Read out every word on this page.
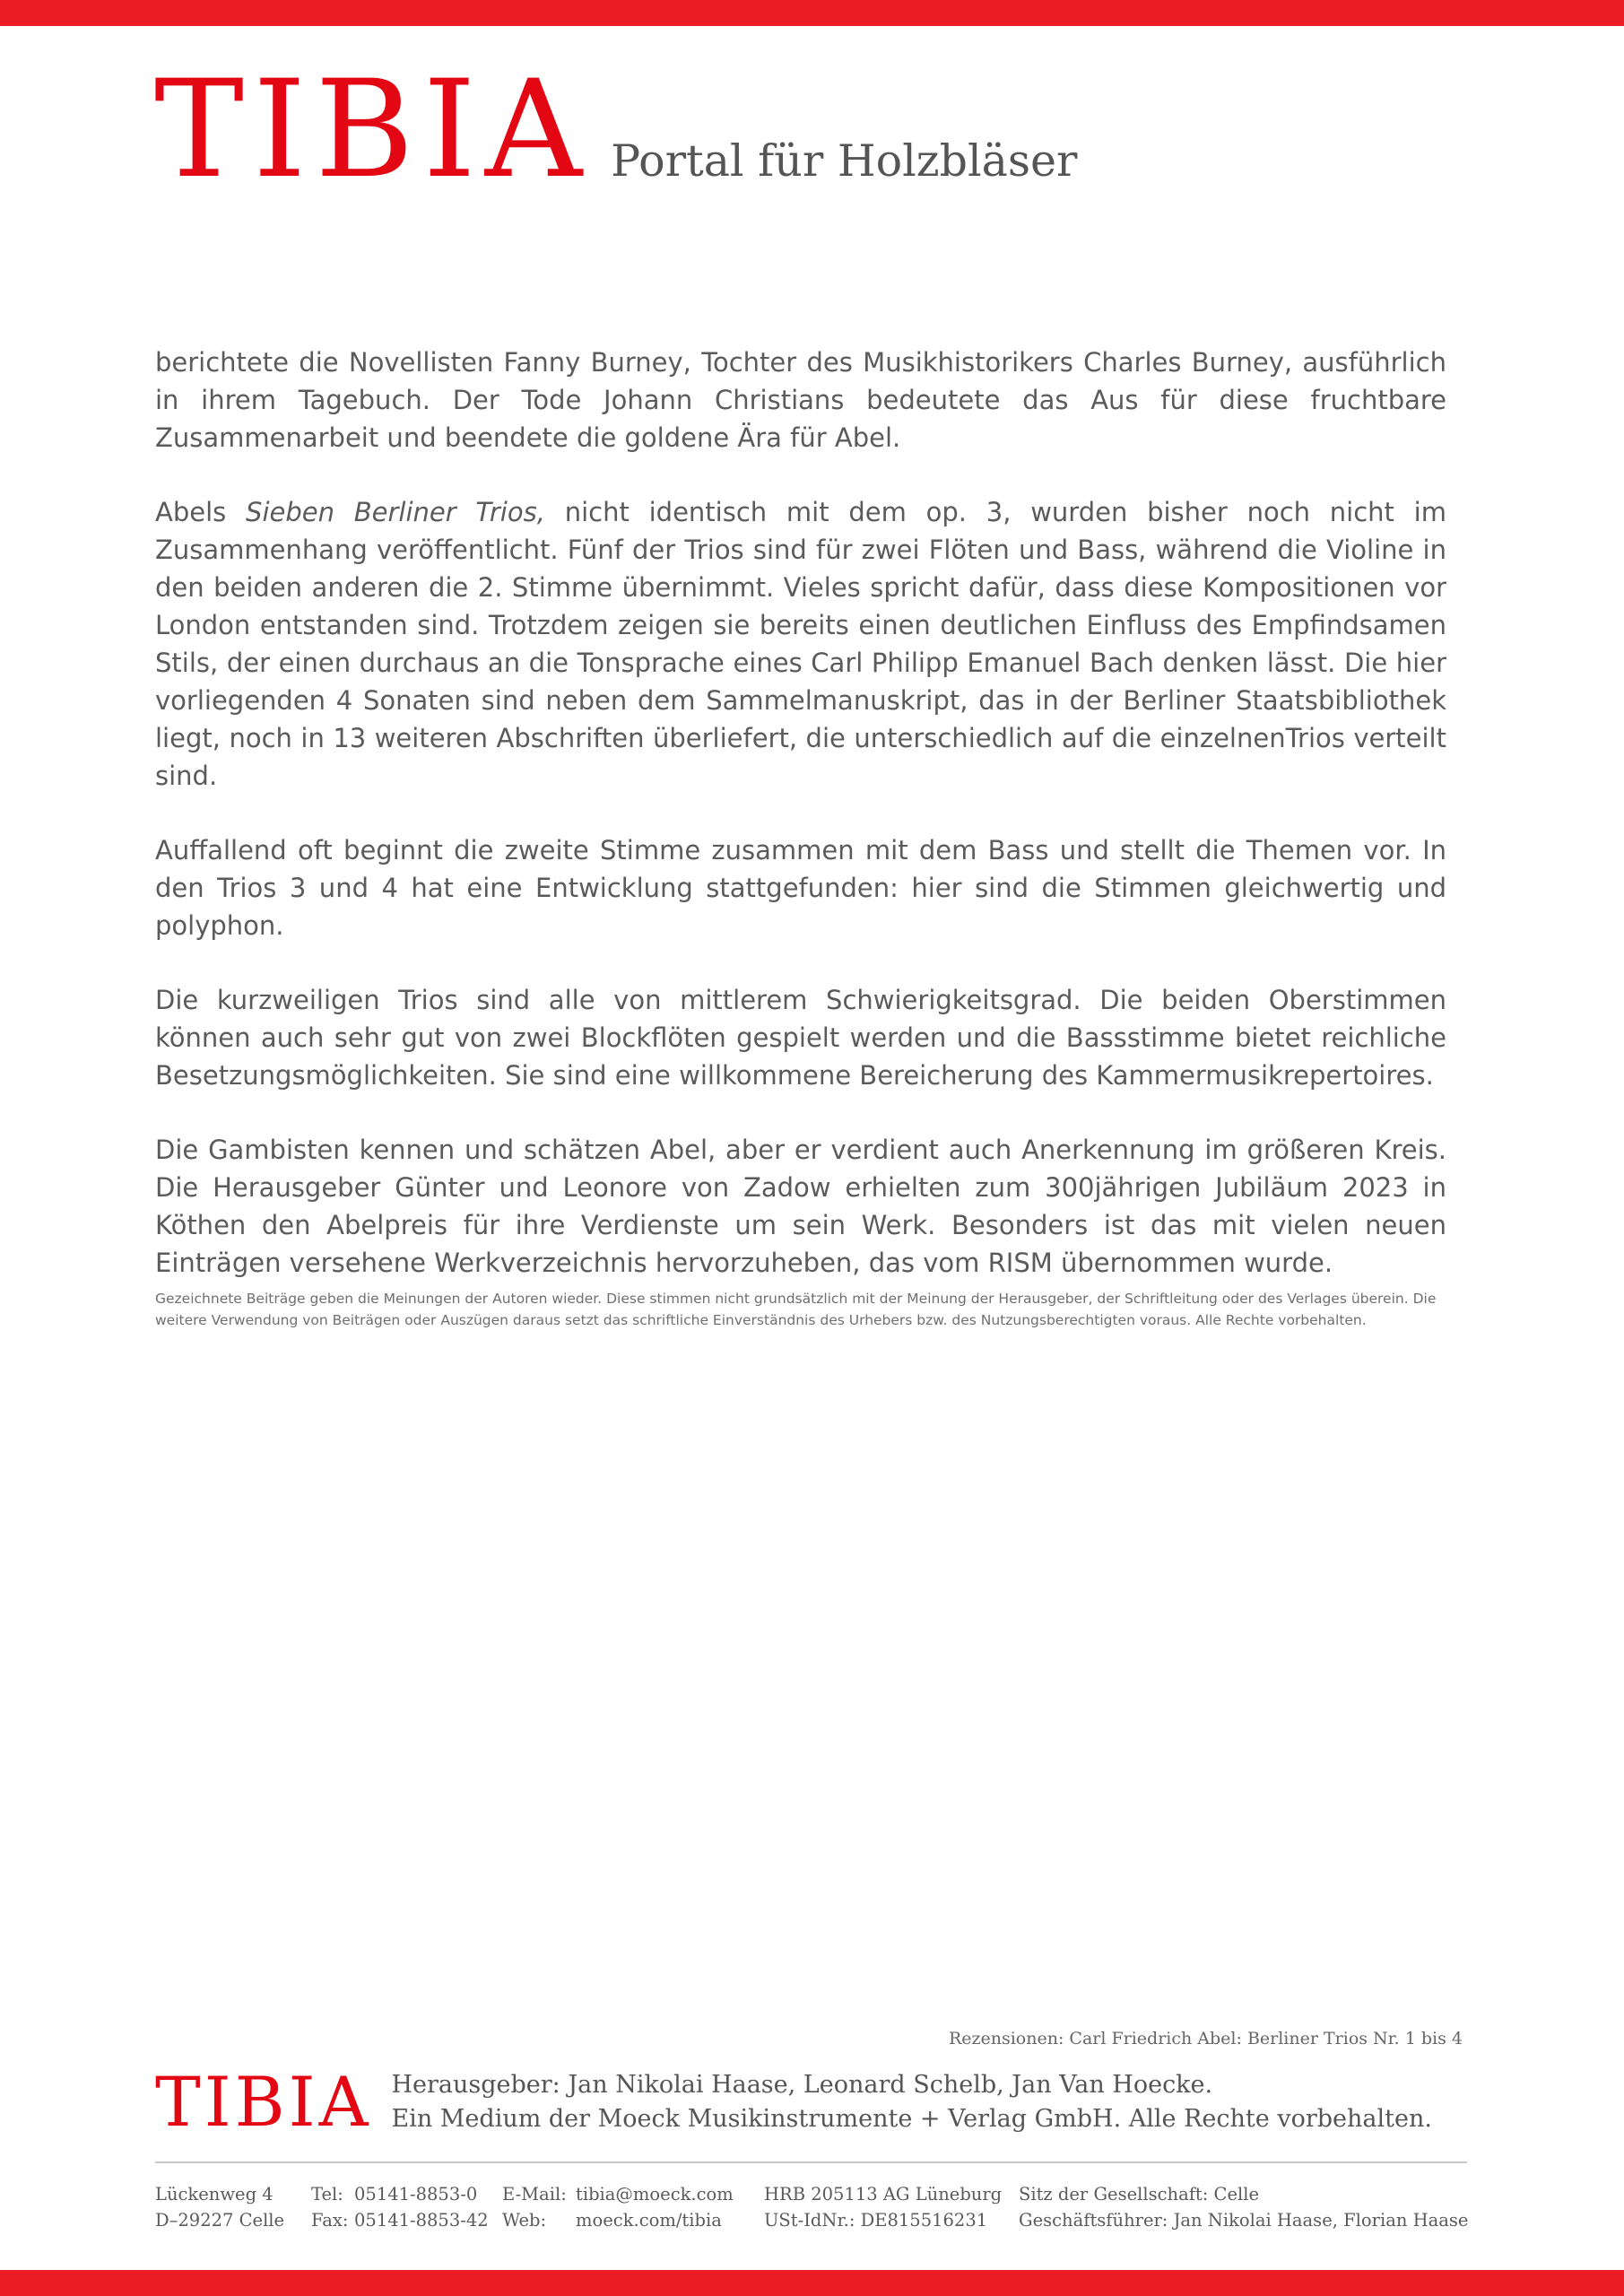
TIBIA Portal für Holzbläser

berichtete die Novellisten Fanny Burney, Tochter des Musikhistorikers Charles Burney, ausführlich in ihrem Tagebuch. Der Tode Johann Christians bedeutete das Aus für diese fruchtbare Zusammenarbeit und beendete die goldene Ära für Abel.

Abels Sieben Berliner Trios, nicht identisch mit dem op. 3, wurden bisher noch nicht im Zusammenhang veröffentlicht. Fünf der Trios sind für zwei Flöten und Bass, während die Violine in den beiden anderen die 2. Stimme übernimmt. Vieles spricht dafür, dass diese Kompositionen vor London entstanden sind. Trotzdem zeigen sie bereits einen deutlichen Einfluss des Empfindsamen Stils, der einen durchaus an die Tonsprache eines Carl Philipp Emanuel Bach denken lässt. Die hier vorliegenden 4 Sonaten sind neben dem Sammelmanuskript, das in der Berliner Staatsbibliothek liegt, noch in 13 weiteren Abschriften überliefert, die unterschiedlich auf die einzelnenTrios verteilt sind.

Auffallend oft beginnt die zweite Stimme zusammen mit dem Bass und stellt die Themen vor. In den Trios 3 und 4 hat eine Entwicklung stattgefunden: hier sind die Stimmen gleichwertig und polyphon.

Die kurzweiligen Trios sind alle von mittlerem Schwierigkeitsgrad. Die beiden Oberstimmen können auch sehr gut von zwei Blockflöten gespielt werden und die Bassstimme bietet reichliche Besetzungsmöglichkeiten. Sie sind eine willkommene Bereicherung des Kammermusikrepertoires.

Die Gambisten kennen und schätzen Abel, aber er verdient auch Anerkennung im größeren Kreis. Die Herausgeber Günter und Leonore von Zadow erhielten zum 300jährigen Jubiläum 2023 in Köthen den Abelpreis für ihre Verdienste um sein Werk. Besonders ist das mit vielen neuen Einträgen versehene Werkverzeichnis hervorzuheben, das vom RISM übernommen wurde.

Gezeichnete Beiträge geben die Meinungen der Autoren wieder. Diese stimmen nicht grundsätzlich mit der Meinung der Herausgeber, der Schriftleitung oder des Verlages überein. Die weitere Verwendung von Beiträgen oder Auszügen daraus setzt das schriftliche Einverständnis des Urhebers bzw. des Nutzungsberechtigten voraus. Alle Rechte vorbehalten.
Rezensionen: Carl Friedrich Abel: Berliner Trios Nr. 1 bis 4
TIBIA Herausgeber: Jan Nikolai Haase, Leonard Schelb, Jan Van Hoecke.
Ein Medium der Moeck Musikinstrumente + Verlag GmbH. Alle Rechte vorbehalten.
Lückenweg 4
D–29227 Celle
Tel: 05141-8853-0
Fax: 05141-8853-42
E-Mail: tibia@moeck.com
Web: moeck.com/tibia
HRB 205113 AG Lüneburg
USt-IdNr.: DE815516231
Sitz der Gesellschaft: Celle
Geschäftsführer: Jan Nikolai Haase, Florian Haase
